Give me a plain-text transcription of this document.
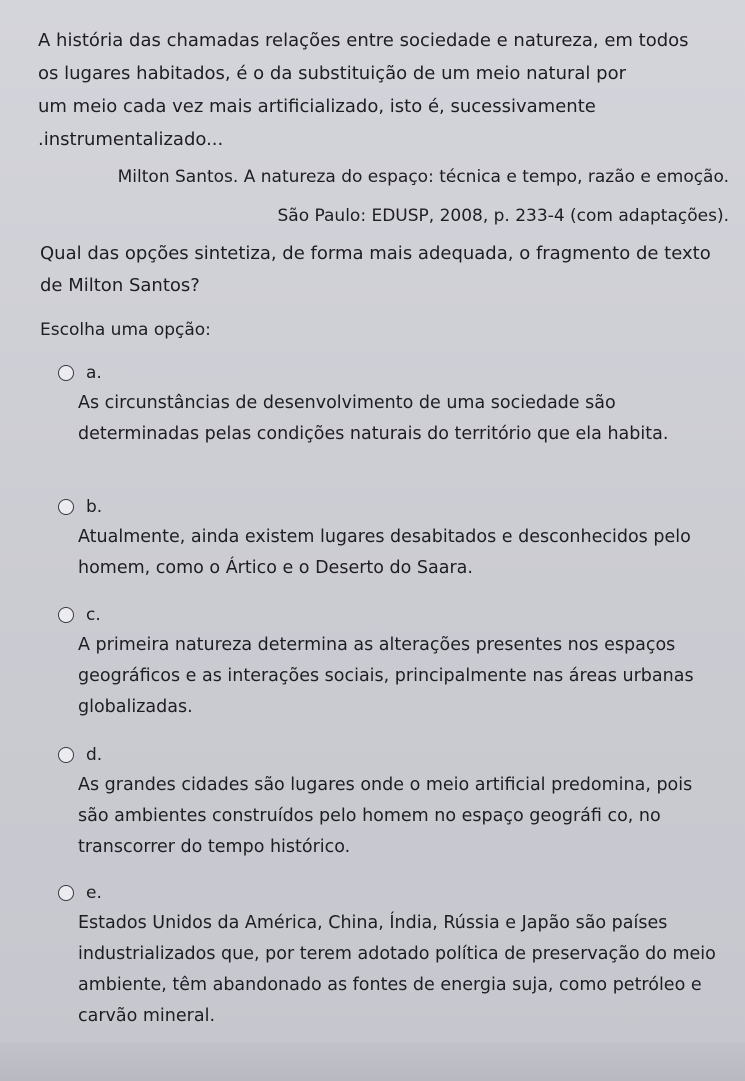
A história das chamadas relações entre sociedade e natureza, em todos
os lugares habitados, é o da substituição de um meio natural por
um meio cada vez mais artificializado, isto é, sucessivamente
.instrumentalizado...

Milton Santos. A natureza do espaço: técnica e tempo, razão e emoção.

São Paulo: EDUSP, 2008, p. 233-4 (com adaptações).

Qual das opções sintetiza, de forma mais adequada, o fragmento de texto de Milton Santos?

Escolha uma opção:

a.
As circunstâncias de desenvolvimento de uma sociedade são determinadas pelas condições naturais do território que ela habita.
b.
Atualmente, ainda existem lugares desabitados e desconhecidos pelo homem, como o Ártico e o Deserto do Saara.
c.
A primeira natureza determina as alterações presentes nos espaços geográficos e as interações sociais, principalmente nas áreas urbanas globalizadas.
d.
As grandes cidades são lugares onde o meio artificial predomina, pois são ambientes construídos pelo homem no espaço geográfi co, no transcorrer do tempo histórico.
e.
Estados Unidos da América, China, Índia, Rússia e Japão são países industrializados que, por terem adotado política de preservação do meio ambiente, têm abandonado as fontes de energia suja, como petróleo e carvão mineral.
